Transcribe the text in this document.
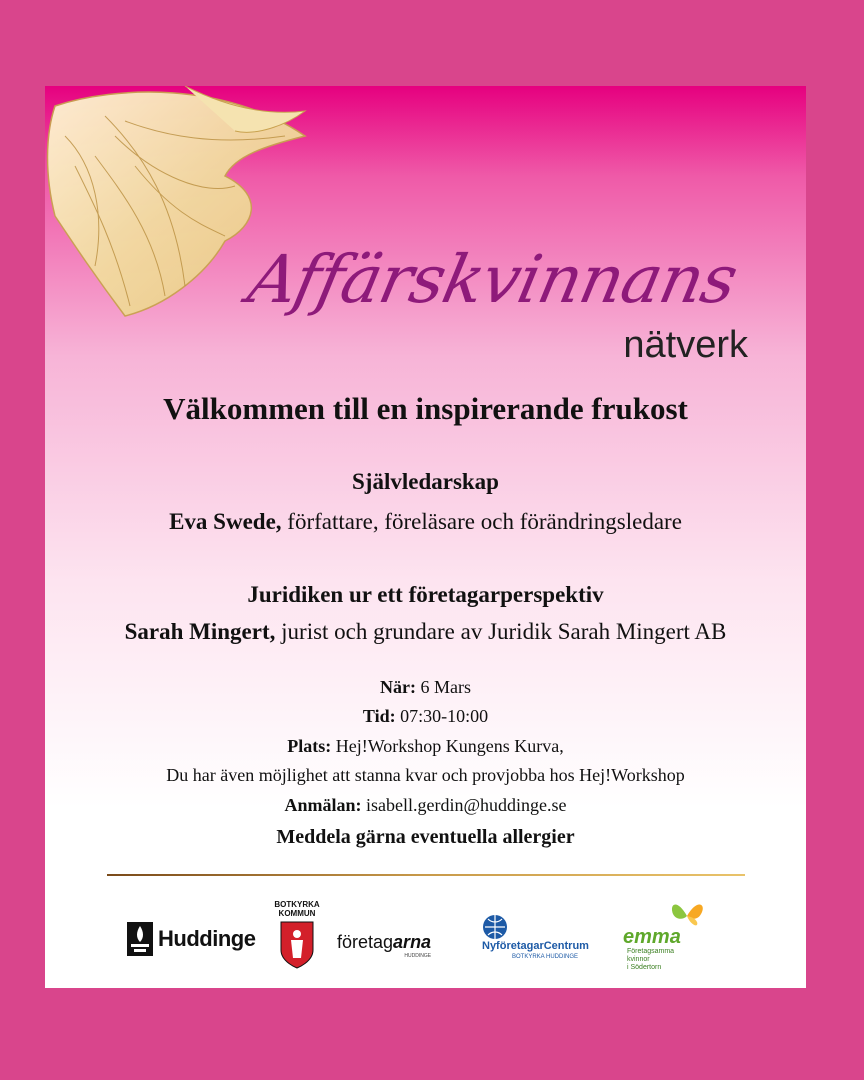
Affärskvinnans
nätverk
Välkommen till en inspirerande frukost
Självledarskap
Eva Swede, författare, föreläsare och förändringsledare
Juridiken ur ett företagarperspektiv
Sarah Mingert, jurist och grundare av Juridik Sarah Mingert AB
När: 6 Mars
Tid: 07:30-10:00
Plats: Hej!Workshop Kungens Kurva,
Du har även möjlighet att stanna kvar och provjobba hos Hej!Workshop
Anmälan: isabell.gerdin@huddinge.se
Meddela gärna eventuella allergier
Huddinge
BOTKYRKA
KOMMUN
företagarna
HUDDINGE
NyföretagarCentrum
BOTKYRKA HUDDINGE
emma
Företagsamma
kvinnor
i Södertorn
